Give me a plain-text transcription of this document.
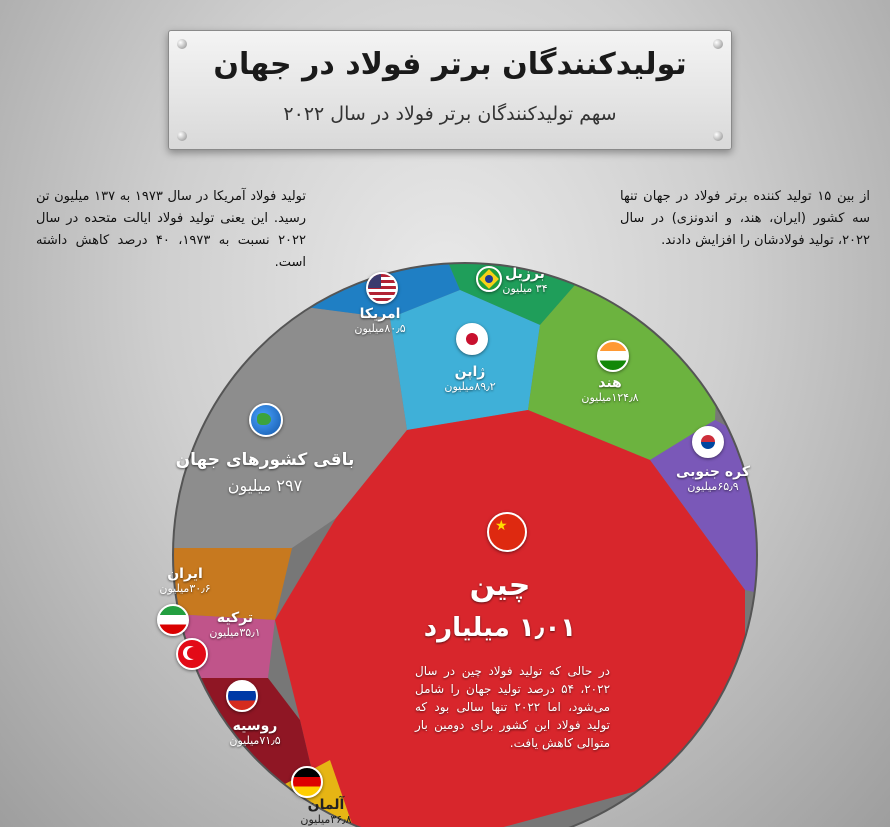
تولیدکنندگان برتر فولاد در جهان
سهم تولیدکنندگان برتر فولاد در سال ۲۰۲۲
تولید فولاد آمریکا در سال ۱۹۷۳ به ۱۳۷ میلیون تن رسید. این یعنی تولید فولاد ایالت متحده در سال ۲۰۲۲ نسبت به ۱۹۷۳، ۴۰ درصد کاهش داشته است.
از بین ۱۵ تولید کننده برتر فولاد در جهان تنها سه کشور (ایران، هند، و اندونزی) در سال ۲۰۲۲، تولید فولادشان را افزایش دادند.
★
امریکا
۸۰٫۵میلیون
برزیل
۳۴ میلیون
ژاپن
۸۹٫۲میلیون	هند
۱۲۴٫۸میلیون
کره جنوبی
۶۵٫۹میلیون
باقی کشورهای جهان
۲۹۷ میلیون
چین
۱٫۰۱ میلیارد
در حالی که تولید فولاد چین در سال ۲۰۲۲، ۵۴ درصد تولید جهان را شامل می‌شود، اما ۲۰۲۲ تنها سالی بود که تولید فولاد این کشور برای دومین بار متوالی کاهش یافت.
ایران
۳۰٫۶میلیون
ترکیه
۳۵٫۱میلیون
روسیه
۷۱٫۵میلیون
آلمان
۳۶٫۸میلیون
